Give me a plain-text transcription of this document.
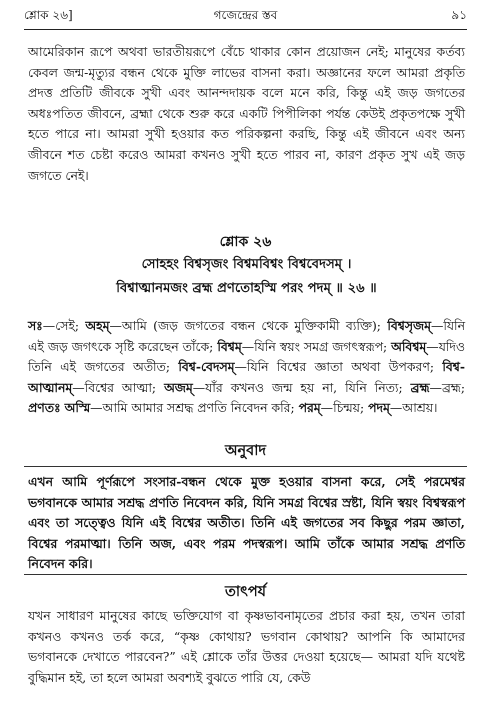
শ্লোক ২৬]	গজেন্দ্রের স্তব	৯১

আমেরিকান রূপে অথবা ভারতীয়রূপে বেঁচে থাকার কোন প্রয়োজন নেই; মানুষের কর্তব্য কেবল জন্ম-মৃত্যুর বন্ধন থেকে মুক্তি লাভের বাসনা করা। অজ্ঞানের ফলে আমরা প্রকৃতি প্রদত্ত প্রতিটি জীবকে সুখী এবং আনন্দদায়ক বলে মনে করি, কিন্তু এই জড় জগতের অধঃপতিত জীবনে, ব্রহ্মা থেকে শুরু করে একটি পিপীলিকা পর্যন্ত কেউই প্রকৃতপক্ষে সুখী হতে পারে না। আমরা সুখী হওয়ার কত পরিকল্পনা করছি, কিন্তু এই জীবনে এবং অন্য জীবনে শত চেষ্টা করেও আমরা কখনও সুখী হতে পারব না, কারণ প্রকৃত সুখ এই জড় জগতে নেই।

শ্লোক ২৬

সোহহং বিশ্বসৃজং বিশ্বমবিশ্বং বিশ্ববেদসম্ ।

বিশ্বাত্মানমজং ব্রহ্ম প্রণতোহস্মি পরং পদম্ ॥ ২৬ ॥

সঃ—সেই; অহম্—আমি (জড় জগতের বন্ধন থেকে মুক্তিকামী ব্যক্তি); বিশ্বসৃজম্—যিনি এই জড় জগৎকে সৃষ্টি করেছেন তাঁকে; বিশ্বম্—যিনি স্বয়ং সমগ্র জগৎস্বরূপ; অবিশ্বম্—যদিও তিনি এই জগতের অতীত; বিশ্ব-বেদসম্—যিনি বিশ্বের জ্ঞাতা অথবা উপকরণ; বিশ্ব-আত্মানম্—বিশ্বের আত্মা; অজম্—যাঁর কখনও জন্ম হয় না, যিনি নিত্য; ব্রহ্ম—ব্রহ্ম; প্রণতঃ অস্মি—আমি আমার সশ্রদ্ধ প্রণতি নিবেদন করি; পরম্—চিন্ময়; পদম্—আশ্রয়।

অনুবাদ

এখন আমি পূর্ণরূপে সংসার-বন্ধন থেকে মুক্ত হওয়ার বাসনা করে, সেই পরমেশ্বর ভগবানকে আমার সশ্রদ্ধ প্রণতি নিবেদন করি, যিনি সমগ্র বিশ্বের স্রষ্টা, যিনি স্বয়ং বিশ্বস্বরূপ এবং তা সত্ত্বেও যিনি এই বিশ্বের অতীত। তিনি এই জগতের সব কিছুর পরম জ্ঞাতা, বিশ্বের পরমাত্মা। তিনি অজ, এবং পরম পদস্বরূপ। আমি তাঁকে আমার সশ্রদ্ধ প্রণতি নিবেদন করি।

তাৎপর্য

যখন সাধারণ মানুষের কাছে ভক্তিযোগ বা কৃষ্ণভাবনামৃতের প্রচার করা হয়, তখন তারা কখনও কখনও তর্ক করে, “কৃষ্ণ কোথায়? ভগবান কোথায়? আপনি কি আমাদের ভগবানকে দেখাতে পারবেন?” এই শ্লোকে তাঁর উত্তর দেওয়া হয়েছে— আমরা যদি যথেষ্ট বুদ্ধিমান হই, তা হলে আমরা অবশ্যই বুঝতে পারি যে, কেউ
